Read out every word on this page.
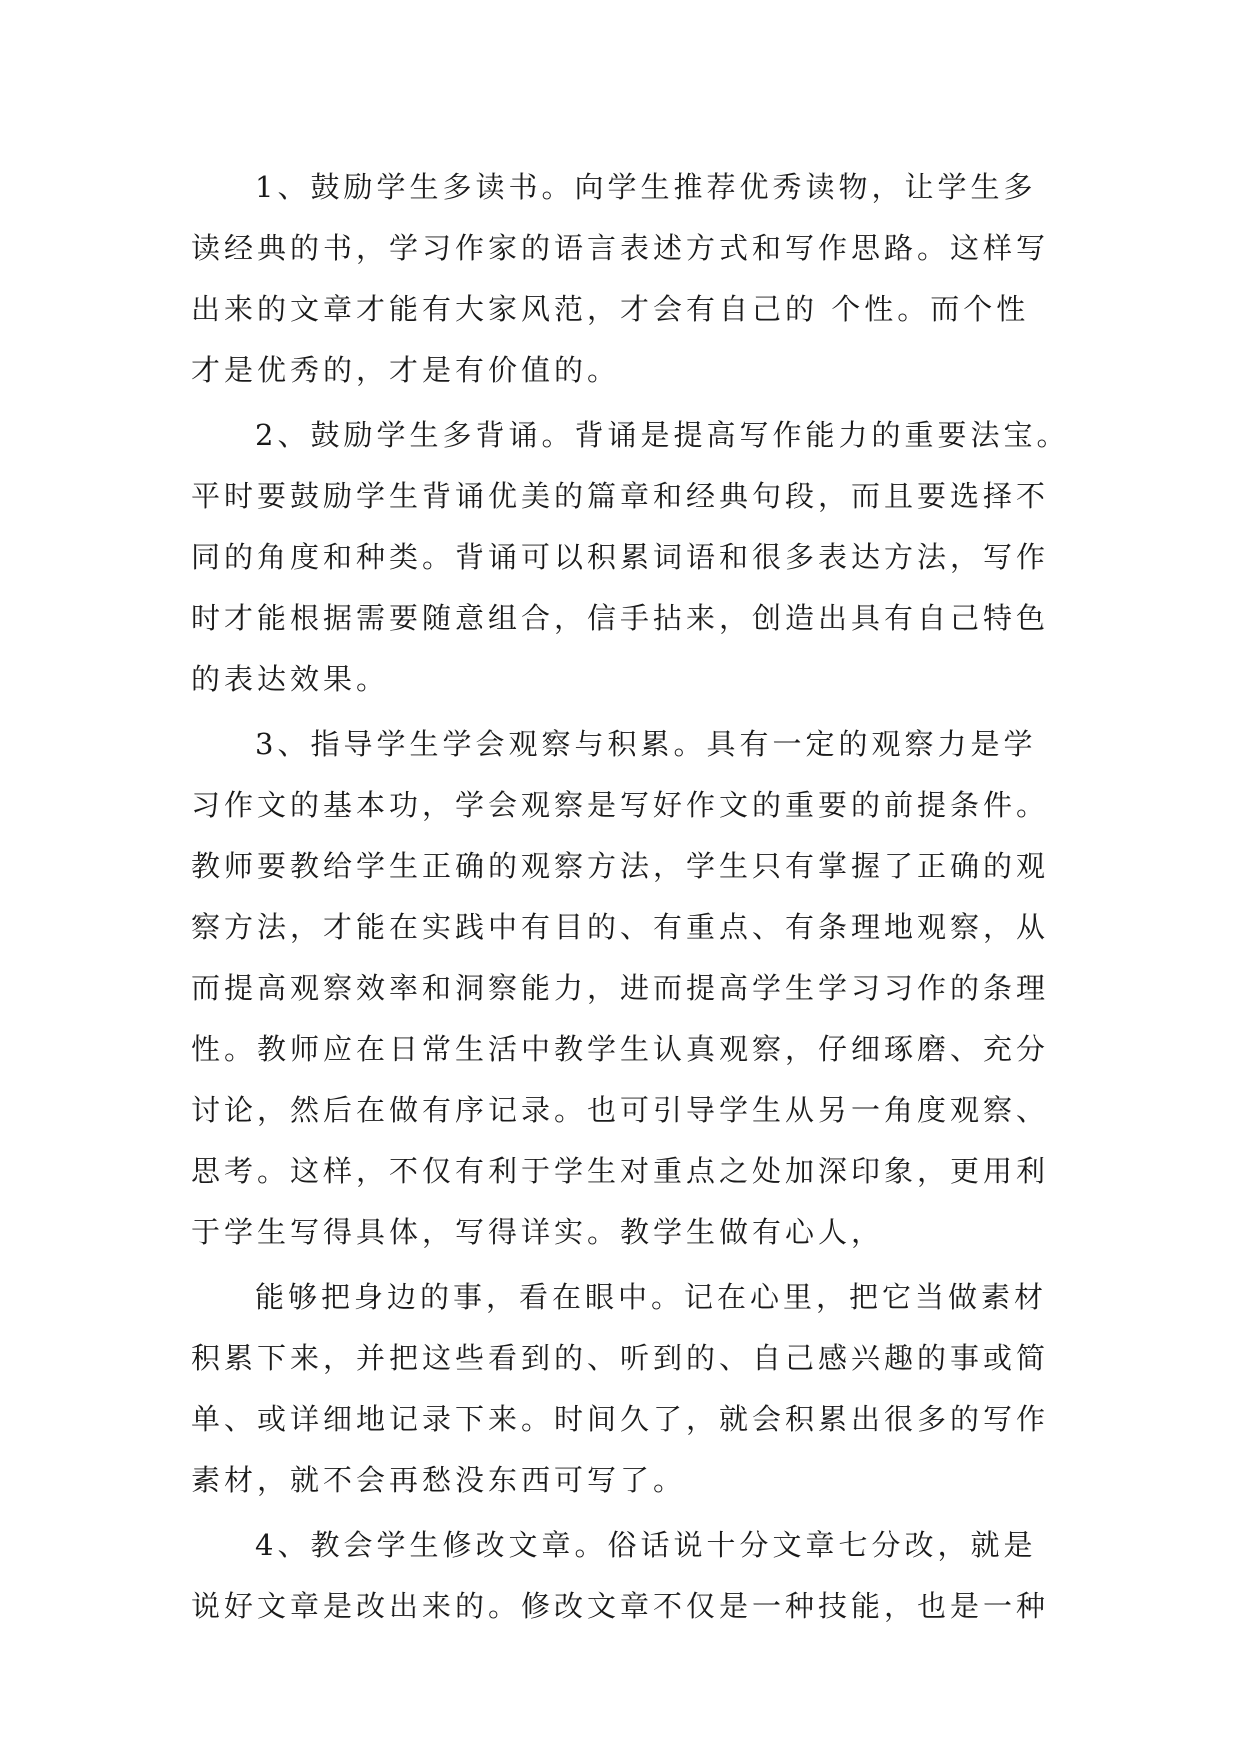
1、鼓励学生多读书。向学生推荐优秀读物，让学生多
读经典的书，学习作家的语言表述方式和写作思路。这样写
出来的文章才能有大家风范，才会有自己的 个性。而个性
才是优秀的，才是有价值的。
2、鼓励学生多背诵。背诵是提高写作能力的重要法宝。
平时要鼓励学生背诵优美的篇章和经典句段，而且要选择不
同的角度和种类。背诵可以积累词语和很多表达方法，写作
时才能根据需要随意组合，信手拈来，创造出具有自己特色
的表达效果。
3、指导学生学会观察与积累。具有一定的观察力是学
习作文的基本功，学会观察是写好作文的重要的前提条件。
教师要教给学生正确的观察方法，学生只有掌握了正确的观
察方法，才能在实践中有目的、有重点、有条理地观察，从
而提高观察效率和洞察能力，进而提高学生学习习作的条理
性。教师应在日常生活中教学生认真观察，仔细琢磨、充分
讨论，然后在做有序记录。也可引导学生从另一角度观察、
思考。这样，不仅有利于学生对重点之处加深印象，更用利
于学生写得具体，写得详实。教学生做有心人，
能够把身边的事，看在眼中。记在心里，把它当做素材
积累下来，并把这些看到的、听到的、自己感兴趣的事或简
单、或详细地记录下来。时间久了，就会积累出很多的写作
素材，就不会再愁没东西可写了。
4、教会学生修改文章。俗话说十分文章七分改，就是
说好文章是改出来的。修改文章不仅是一种技能，也是一种
